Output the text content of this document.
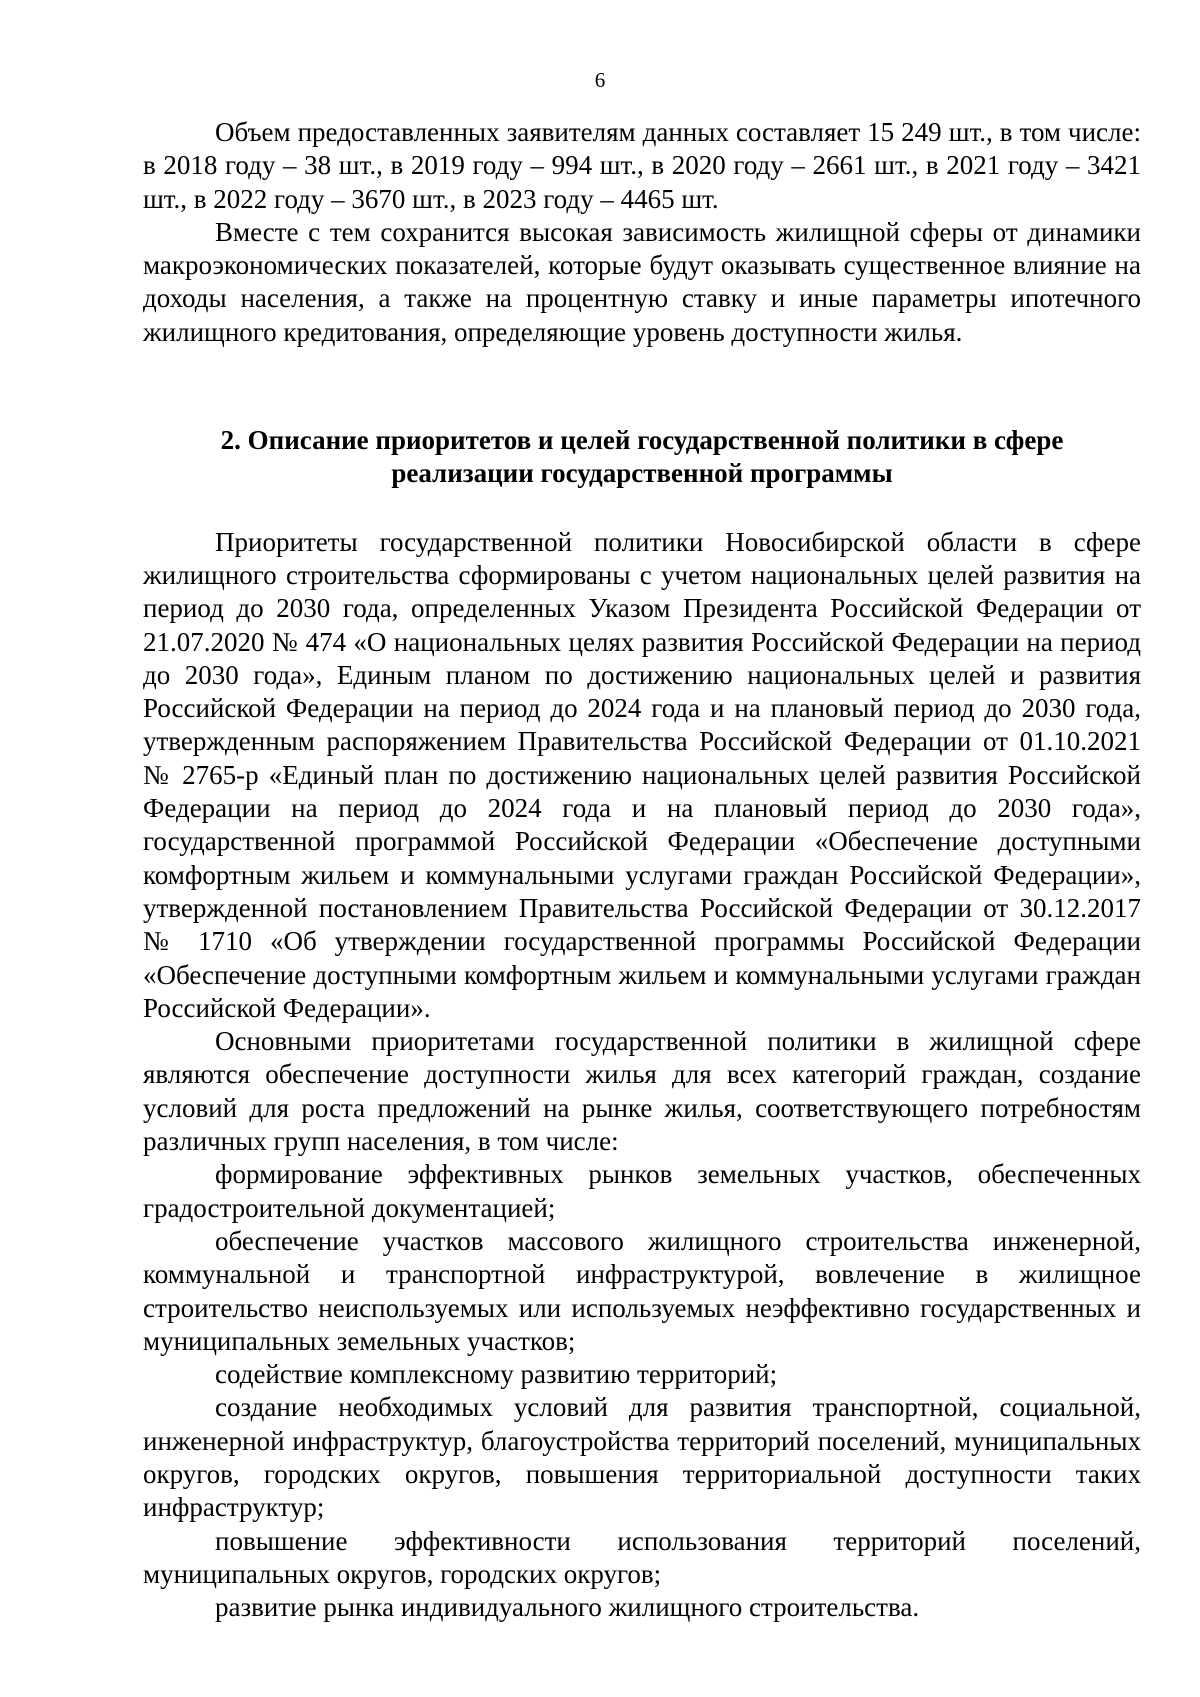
6

Объем предоставленных заявителям данных составляет 15 249 шт., в том числе: в 2018 году – 38 шт., в 2019 году – 994 шт., в 2020 году – 2661 шт., в 2021 году – 3421 шт., в 2022 году – 3670 шт., в 2023 году – 4465 шт.

Вместе с тем сохранится высокая зависимость жилищной сферы от динамики макроэкономических показателей, которые будут оказывать существенное влияние на доходы населения, а также на процентную ставку и иные параметры ипотечного жилищного кредитования, определяющие уровень доступности жилья.

2. Описание приоритетов и целей государственной политики в сфере реализации государственной программы

Приоритеты государственной политики Новосибирской области в сфере жилищного строительства сформированы с учетом национальных целей развития на период до 2030 года, определенных Указом Президента Российской Федерации от 21.07.2020 № 474 «О национальных целях развития Российской Федерации на период до 2030 года», Единым планом по достижению национальных целей и развития Российской Федерации на период до 2024 года и на плановый период до 2030 года, утвержденным распоряжением Правительства Российской Федерации от 01.10.2021 № 2765-р «Единый план по достижению национальных целей развития Российской Федерации на период до 2024 года и на плановый период до 2030 года», государственной программой Российской Федерации «Обеспечение доступными комфортным жильем и коммунальными услугами граждан Российской Федерации», утвержденной постановлением Правительства Российской Федерации от 30.12.2017 № 1710 «Об утверждении государственной программы Российской Федерации «Обеспечение доступными комфортным жильем и коммунальными услугами граждан Российской Федерации».

Основными приоритетами государственной политики в жилищной сфере являются обеспечение доступности жилья для всех категорий граждан, создание условий для роста предложений на рынке жилья, соответствующего потребностям различных групп населения, в том числе:

формирование эффективных рынков земельных участков, обеспеченных градостроительной документацией;

обеспечение участков массового жилищного строительства инженерной, коммунальной и транспортной инфраструктурой, вовлечение в жилищное строительство неиспользуемых или используемых неэффективно государственных и муниципальных земельных участков;

содействие комплексному развитию территорий;

создание необходимых условий для развития транспортной, социальной, инженерной инфраструктур, благоустройства территорий поселений, муниципальных округов, городских округов, повышения территориальной доступности таких инфраструктур;

повышение эффективности использования территорий поселений, муниципальных округов, городских округов;

развитие рынка индивидуального жилищного строительства.
